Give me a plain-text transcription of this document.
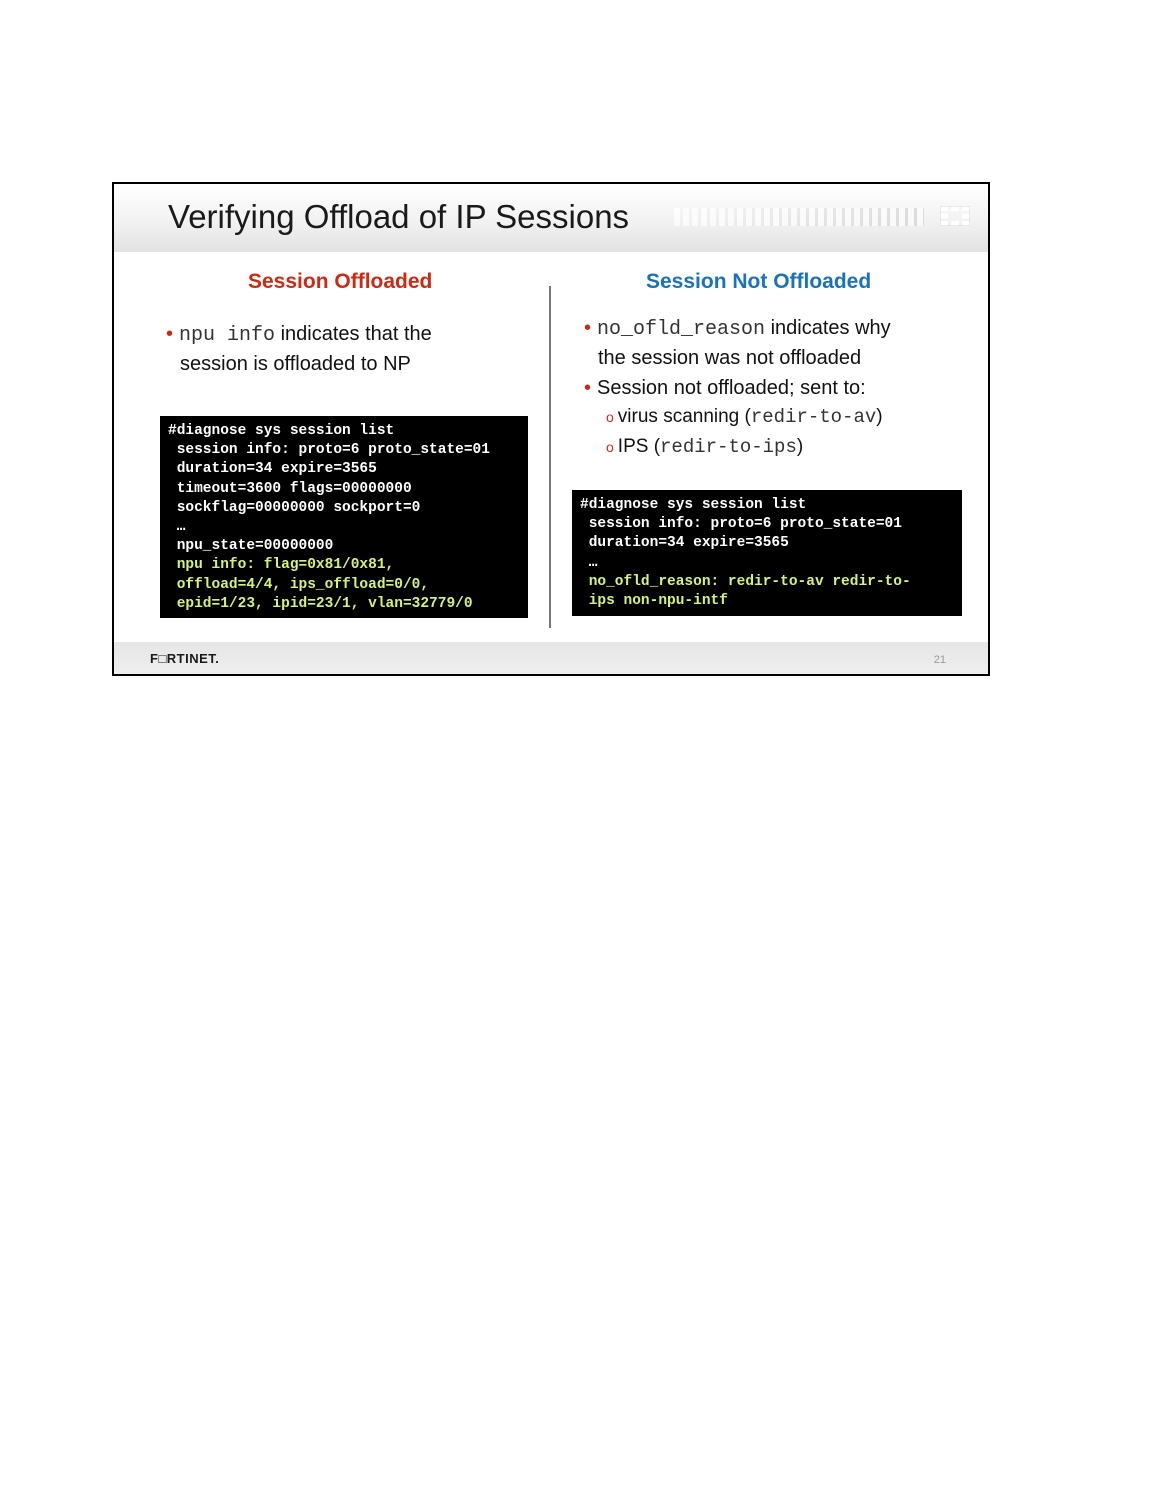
Verifying Offload of IP Sessions
Session Offloaded
• npu info indicates that the
session is offloaded to NP
#diagnose sys session list
session info: proto=6 proto_state=01
duration=34 expire=3565
timeout=3600 flags=00000000
sockflag=00000000 sockport=0
…
npu_state=00000000
npu info: flag=0x81/0x81,
offload=4/4, ips_offload=0/0,
epid=1/23, ipid=23/1, vlan=32779/0
Session Not Offloaded
• no_ofld_reason indicates why
the session was not offloaded
• Session not offloaded; sent to:
o virus scanning (redir-to-av)
o IPS (redir-to-ips)
#diagnose sys session list
session info: proto=6 proto_state=01
duration=34 expire=3565
…
no_ofld_reason: redir-to-av redir-to-
ips non-npu-intf
F□RTINET.	21
